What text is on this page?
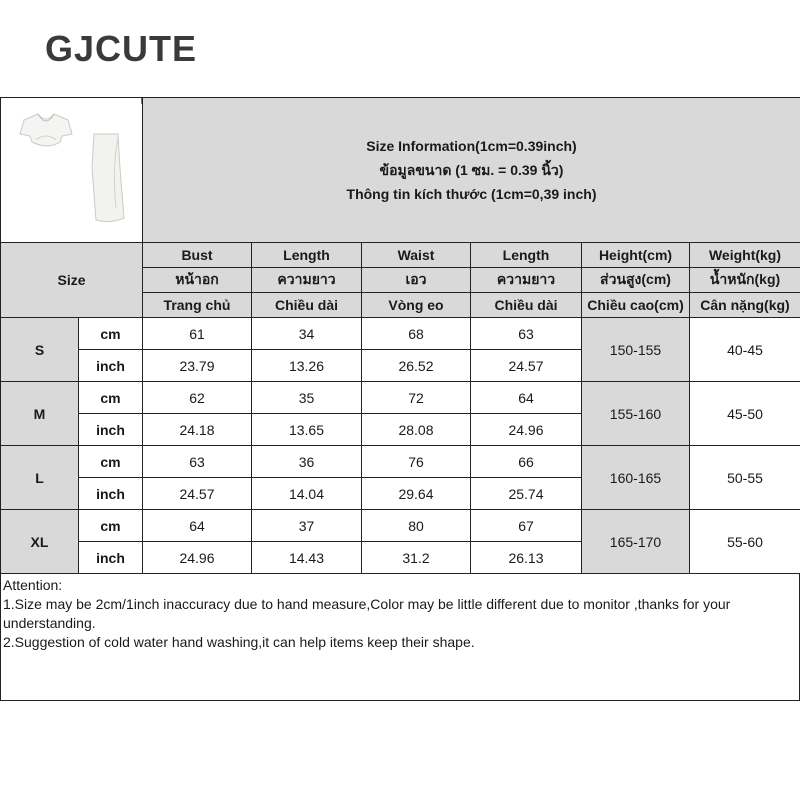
GJCUTE

Size Information(1cm=0.39inch)
ข้อมูลขนาด (1 ซม. = 0.39 นิ้ว)
Thông tin kích thước (1cm=0,39 inch)					

Size		Bust	Length	Waist	Length	Height(cm)	Weight(kg)
		หน้าอก	ความยาว	เอว	ความยาว	ส่วนสูง(cm)	น้ำหนัก(kg)
		Trang chủ	Chiều dài	Vòng eo	Chiều dài	Chiều cao(cm)	Cân nặng(kg)
S	cm	61	34	68	63	150-155	40-45
	inch	23.79	13.26	26.52	24.57		
M	cm	62	35	72	64	155-160	45-50
	inch	24.18	13.65	28.08	24.96		
L	cm	63	36	76	66	160-165	50-55
	inch	24.57	14.04	29.64	25.74		
XL	cm	64	37	80	67	165-170	55-60
	inch	24.96	14.43	31.2	26.13		
Attention:
1.Size may be 2cm/1inch inaccuracy due to hand measure,Color may be little different due to monitor ,thanks for your understanding.
2.Suggestion of cold water hand washing,it can help items keep their shape.
